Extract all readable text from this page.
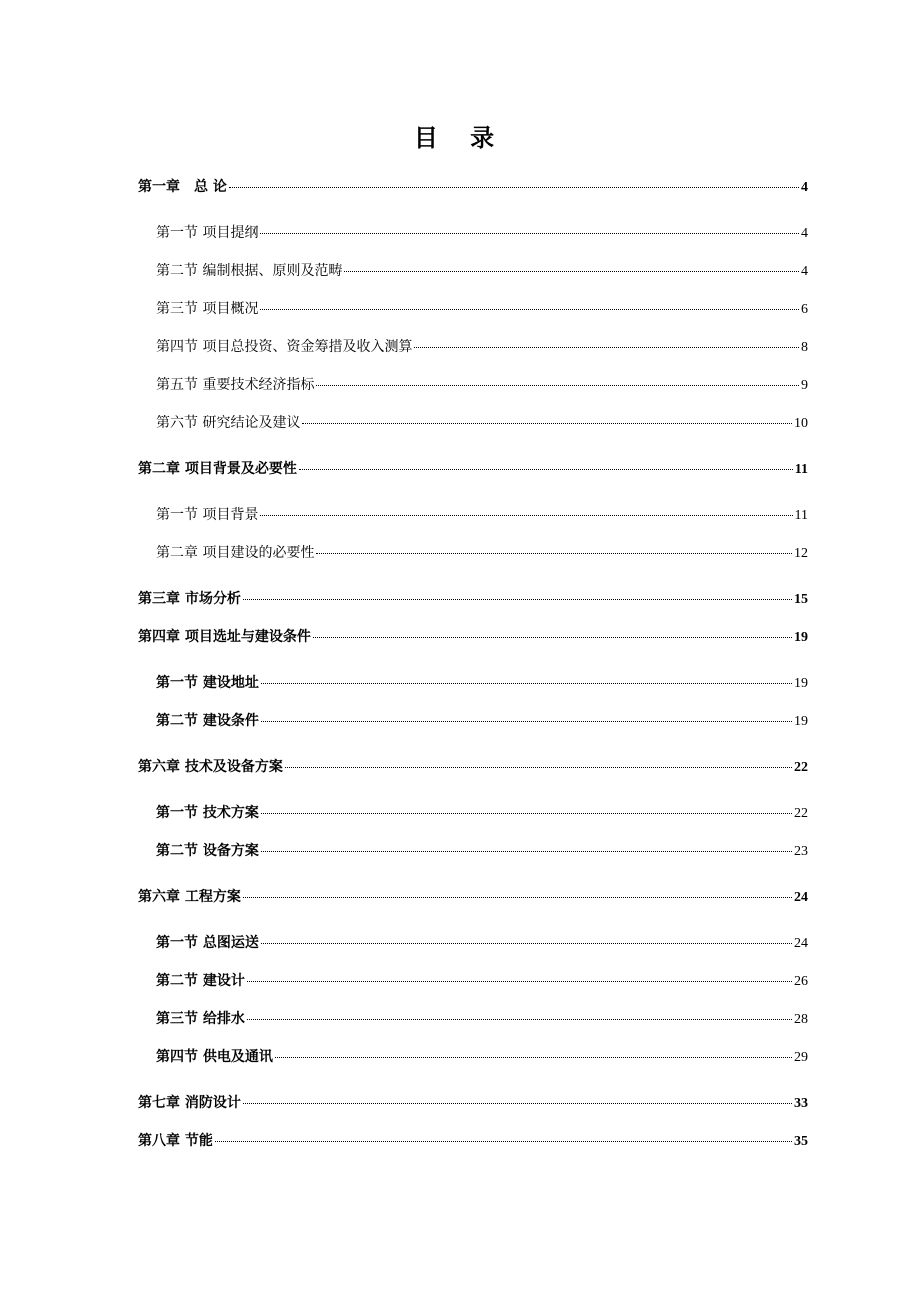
目 录
第一章　总 论	4
第一节 项目提纲	4
第二节 编制根据、原则及范畴	4
第三节 项目概况	6
第四节 项目总投资、资金筹措及收入测算	8
第五节 重要技术经济指标	9
第六节 研究结论及建议	10
第二章 项目背景及必要性	11
第一节 项目背景	11
第二章 项目建设的必要性	12
第三章 市场分析	15
第四章 项目选址与建设条件	19
第一节 建设地址	19
第二节 建设条件	19
第六章 技术及设备方案	22
第一节 技术方案	22
第二节 设备方案	23
第六章 工程方案	24
第一节 总图运送	24
第二节 建设计	26
第三节 给排水	28
第四节 供电及通讯	29
第七章 消防设计	33
第八章 节能	35
